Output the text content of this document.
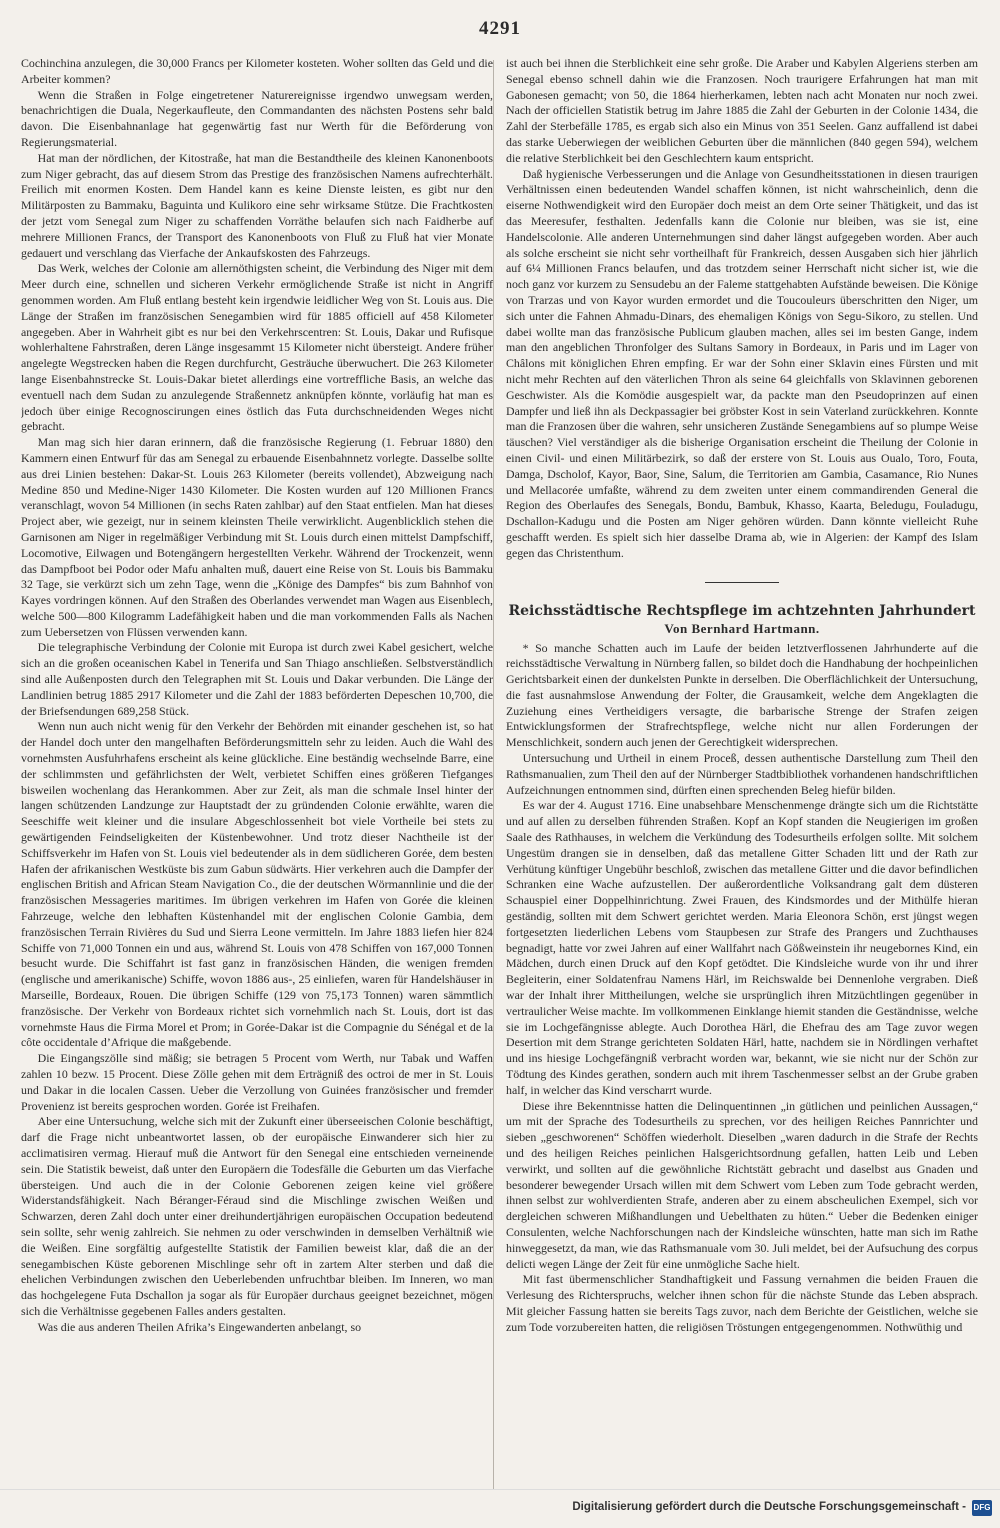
4291

Cochinchina anzulegen, die 30,000 Francs per Kilometer kosteten. Woher sollten das Geld und die Arbeiter kommen?

Wenn die Straßen in Folge eingetretener Naturereignisse irgendwo unwegsam werden, benachrichtigen die Duala, Negerkaufleute, den Commandanten des nächsten Postens sehr bald davon. Die Eisenbahnanlage hat gegenwärtig fast nur Werth für die Beförderung von Regierungsmaterial.

Hat man der nördlichen, der Kitostraße, hat man die Bestandtheile des kleinen Kanonenboots zum Niger gebracht, das auf diesem Strom das Prestige des französischen Namens aufrechterhält. Freilich mit enormen Kosten. Dem Handel kann es keine Dienste leisten, es gibt nur den Militärposten zu Bammaku, Baguinta und Kulikoro eine sehr wirksame Stütze. Die Frachtkosten der jetzt vom Senegal zum Niger zu schaffenden Vorräthe belaufen sich nach Faidherbe auf mehrere Millionen Francs, der Transport des Kanonenboots von Fluß zu Fluß hat vier Monate gedauert und verschlang das Vierfache der Ankaufskosten des Fahrzeugs.

Das Werk, welches der Colonie am allernöthigsten scheint, die Verbindung des Niger mit dem Meer durch eine, schnellen und sicheren Verkehr ermöglichende Straße ist nicht in Angriff genommen worden. Am Fluß entlang besteht kein irgendwie leidlicher Weg von St. Louis aus. Die Länge der Straßen im französischen Senegambien wird für 1885 officiell auf 458 Kilometer angegeben. Aber in Wahrheit gibt es nur bei den Verkehrscentren: St. Louis, Dakar und Rufisque wohlerhaltene Fahrstraßen, deren Länge insgesammt 15 Kilometer nicht übersteigt. Andere früher angelegte Wegstrecken haben die Regen durchfurcht, Gesträuche überwuchert. Die 263 Kilometer lange Eisenbahnstrecke St. Louis-Dakar bietet allerdings eine vortreffliche Basis, an welche das eventuell nach dem Sudan zu anzulegende Straßennetz anknüpfen könnte, vorläufig hat man es jedoch über einige Recognoscirungen eines östlich das Futa durchschneidenden Weges nicht gebracht.

Man mag sich hier daran erinnern, daß die französische Regierung (1. Februar 1880) den Kammern einen Entwurf für das am Senegal zu erbauende Eisenbahnnetz vorlegte. Dasselbe sollte aus drei Linien bestehen: Dakar-St. Louis 263 Kilometer (bereits vollendet), Abzweigung nach Medine 850 und Medine-Niger 1430 Kilometer. Die Kosten wurden auf 120 Millionen Francs veranschlagt, wovon 54 Millionen (in sechs Raten zahlbar) auf den Staat entfielen. Man hat dieses Project aber, wie gezeigt, nur in seinem kleinsten Theile verwirklicht. Augenblicklich stehen die Garnisonen am Niger in regelmäßiger Verbindung mit St. Louis durch einen mittelst Dampfschiff, Locomotive, Eilwagen und Botengängern hergestellten Verkehr. Während der Trockenzeit, wenn das Dampfboot bei Podor oder Mafu anhalten muß, dauert eine Reise von St. Louis bis Bammaku 32 Tage, sie verkürzt sich um zehn Tage, wenn die „Könige des Dampfes“ bis zum Bahnhof von Kayes vordringen können. Auf den Straßen des Oberlandes verwendet man Wagen aus Eisenblech, welche 500—800 Kilogramm Ladefähigkeit haben und die man vorkommenden Falls als Nachen zum Uebersetzen von Flüssen verwenden kann.

Die telegraphische Verbindung der Colonie mit Europa ist durch zwei Kabel gesichert, welche sich an die großen oceanischen Kabel in Tenerifa und San Thiago anschließen. Selbstverständlich sind alle Außenposten durch den Telegraphen mit St. Louis und Dakar verbunden. Die Länge der Landlinien betrug 1885 2917 Kilometer und die Zahl der 1883 beförderten Depeschen 10,700, die der Briefsendungen 689,258 Stück.

Wenn nun auch nicht wenig für den Verkehr der Behörden mit einander geschehen ist, so hat der Handel doch unter den mangelhaften Beförderungsmitteln sehr zu leiden. Auch die Wahl des vornehmsten Ausfuhrhafens erscheint als keine glückliche. Eine beständig wechselnde Barre, eine der schlimmsten und gefährlichsten der Welt, verbietet Schiffen eines größeren Tiefganges bisweilen wochenlang das Herankommen. Aber zur Zeit, als man die schmale Insel hinter der langen schützenden Landzunge zur Hauptstadt der zu gründenden Colonie erwählte, waren die Seeschiffe weit kleiner und die insulare Abgeschlossenheit bot viele Vortheile bei stets zu gewärtigenden Feindseligkeiten der Küstenbewohner. Und trotz dieser Nachtheile ist der Schiffsverkehr im Hafen von St. Louis viel bedeutender als in dem südlicheren Gorée, dem besten Hafen der afrikanischen Westküste bis zum Gabun südwärts. Hier verkehren auch die Dampfer der englischen British and African Steam Navigation Co., die der deutschen Wörmannlinie und die der französischen Messageries maritimes. Im übrigen verkehren im Hafen von Gorée die kleinen Fahrzeuge, welche den lebhaften Küstenhandel mit der englischen Colonie Gambia, dem französischen Terrain Rivières du Sud und Sierra Leone vermitteln. Im Jahre 1883 liefen hier 824 Schiffe von 71,000 Tonnen ein und aus, während St. Louis von 478 Schiffen von 167,000 Tonnen besucht wurde. Die Schiffahrt ist fast ganz in französischen Händen, die wenigen fremden (englische und amerikanische) Schiffe, wovon 1886 aus-, 25 einliefen, waren für Handelshäuser in Marseille, Bordeaux, Rouen. Die übrigen Schiffe (129 von 75,173 Tonnen) waren sämmtlich französische. Der Verkehr von Bordeaux richtet sich vornehmlich nach St. Louis, dort ist das vornehmste Haus die Firma Morel et Prom; in Gorée-Dakar ist die Compagnie du Sénégal et de la côte occidentale d’Afrique die maßgebende.

Die Eingangszölle sind mäßig; sie betragen 5 Procent vom Werth, nur Tabak und Waffen zahlen 10 bezw. 15 Procent. Diese Zölle gehen mit dem Erträgniß des octroi de mer in St. Louis und Dakar in die localen Cassen. Ueber die Verzollung von Guinées französischer und fremder Provenienz ist bereits gesprochen worden. Gorée ist Freihafen.

Aber eine Untersuchung, welche sich mit der Zukunft einer überseeischen Colonie beschäftigt, darf die Frage nicht unbeantwortet lassen, ob der europäische Einwanderer sich hier zu acclimatisiren vermag. Hierauf muß die Antwort für den Senegal eine entschieden verneinende sein. Die Statistik beweist, daß unter den Europäern die Todesfälle die Geburten um das Vierfache übersteigen. Und auch die in der Colonie Geborenen zeigen keine viel größere Widerstandsfähigkeit. Nach Béranger-Féraud sind die Mischlinge zwischen Weißen und Schwarzen, deren Zahl doch unter einer dreihundertjährigen europäischen Occupation bedeutend sein sollte, sehr wenig zahlreich. Sie nehmen zu oder verschwinden in demselben Verhältniß wie die Weißen. Eine sorgfältig aufgestellte Statistik der Familien beweist klar, daß die an der senegambischen Küste geborenen Mischlinge sehr oft in zartem Alter sterben und daß die ehelichen Verbindungen zwischen den Ueberlebenden unfruchtbar bleiben. Im Inneren, wo man das hochgelegene Futa Dschallon ja sogar als für Europäer durchaus geeignet bezeichnet, mögen sich die Verhältnisse gegebenen Falles anders gestalten.

Was die aus anderen Theilen Afrika’s Eingewanderten anbelangt, so

ist auch bei ihnen die Sterblichkeit eine sehr große. Die Araber und Kabylen Algeriens sterben am Senegal ebenso schnell dahin wie die Franzosen. Noch traurigere Erfahrungen hat man mit Gabonesen gemacht; von 50, die 1864 hierherkamen, lebten nach acht Monaten nur noch zwei. Nach der officiellen Statistik betrug im Jahre 1885 die Zahl der Geburten in der Colonie 1434, die Zahl der Sterbefälle 1785, es ergab sich also ein Minus von 351 Seelen. Ganz auffallend ist dabei das starke Ueberwiegen der weiblichen Geburten über die männlichen (840 gegen 594), welchem die relative Sterblichkeit bei den Geschlechtern kaum entspricht.

Daß hygienische Verbesserungen und die Anlage von Gesundheitsstationen in diesen traurigen Verhältnissen einen bedeutenden Wandel schaffen können, ist nicht wahrscheinlich, denn die eiserne Nothwendigkeit wird den Europäer doch meist an dem Orte seiner Thätigkeit, und das ist das Meeresufer, festhalten. Jedenfalls kann die Colonie nur bleiben, was sie ist, eine Handelscolonie. Alle anderen Unternehmungen sind daher längst aufgegeben worden. Aber auch als solche erscheint sie nicht sehr vortheilhaft für Frankreich, dessen Ausgaben sich hier jährlich auf 6¼ Millionen Francs belaufen, und das trotzdem seiner Herrschaft nicht sicher ist, wie die noch ganz vor kurzem zu Sensudebu an der Faleme stattgehabten Aufstände beweisen. Die Könige von Trarzas und von Kayor wurden ermordet und die Toucouleurs überschritten den Niger, um sich unter die Fahnen Ahmadu-Dinars, des ehemaligen Königs von Segu-Sikoro, zu stellen. Und dabei wollte man das französische Publicum glauben machen, alles sei im besten Gange, indem man den angeblichen Thronfolger des Sultans Samory in Bordeaux, in Paris und im Lager von Châlons mit königlichen Ehren empfing. Er war der Sohn einer Sklavin eines Fürsten und mit nicht mehr Rechten auf den väterlichen Thron als seine 64 gleichfalls von Sklavinnen geborenen Geschwister. Als die Komödie ausgespielt war, da packte man den Pseudoprinzen auf einen Dampfer und ließ ihn als Deckpassagier bei gröbster Kost in sein Vaterland zurückkehren. Konnte man die Franzosen über die wahren, sehr unsicheren Zustände Senegambiens auf so plumpe Weise täuschen? Viel verständiger als die bisherige Organisation erscheint die Theilung der Colonie in einen Civil- und einen Militärbezirk, so daß der erstere von St. Louis aus Oualo, Toro, Fouta, Damga, Dscholof, Kayor, Baor, Sine, Salum, die Territorien am Gambia, Casamance, Rio Nunes und Mellacorée umfaßte, während zu dem zweiten unter einem commandirenden General die Region des Oberlaufes des Senegals, Bondu, Bambuk, Khasso, Kaarta, Beledugu, Fouladugu, Dschallon-Kadugu und die Posten am Niger gehören würden. Dann könnte vielleicht Ruhe geschafft werden. Es spielt sich hier dasselbe Drama ab, wie in Algerien: der Kampf des Islam gegen das Christenthum.

Reichsstädtische Rechtspflege im achtzehnten Jahrhundert
Von Bernhard Hartmann.

* So manche Schatten auch im Laufe der beiden letztverflossenen Jahrhunderte auf die reichsstädtische Verwaltung in Nürnberg fallen, so bildet doch die Handhabung der hochpeinlichen Gerichtsbarkeit einen der dunkelsten Punkte in derselben. Die Oberflächlichkeit der Untersuchung, die fast ausnahmslose Anwendung der Folter, die Grausamkeit, welche dem Angeklagten die Zuziehung eines Vertheidigers versagte, die barbarische Strenge der Strafen zeigen Entwicklungsformen der Strafrechtspflege, welche nicht nur allen Forderungen der Menschlichkeit, sondern auch jenen der Gerechtigkeit widersprechen.

Untersuchung und Urtheil in einem Proceß, dessen authentische Darstellung zum Theil den Rathsmanualien, zum Theil den auf der Nürnberger Stadtbibliothek vorhandenen handschriftlichen Aufzeichnungen entnommen sind, dürften einen sprechenden Beleg hiefür bilden.

Es war der 4. August 1716. Eine unabsehbare Menschenmenge drängte sich um die Richtstätte und auf allen zu derselben führenden Straßen. Kopf an Kopf standen die Neugierigen im großen Saale des Rathhauses, in welchem die Verkündung des Todesurtheils erfolgen sollte. Mit solchem Ungestüm drangen sie in denselben, daß das metallene Gitter Schaden litt und der Rath zur Verhütung künftiger Ungebühr beschloß, zwischen das metallene Gitter und die davor befindlichen Schranken eine Wache aufzustellen. Der außerordentliche Volksandrang galt dem düsteren Schauspiel einer Doppelhinrichtung. Zwei Frauen, des Kindsmordes und der Mithülfe hieran geständig, sollten mit dem Schwert gerichtet werden. Maria Eleonora Schön, erst jüngst wegen fortgesetzten liederlichen Lebens vom Staupbesen zur Strafe des Prangers und Zuchthauses begnadigt, hatte vor zwei Jahren auf einer Wallfahrt nach Gößweinstein ihr neugebornes Kind, ein Mädchen, durch einen Druck auf den Kopf getödtet. Die Kindsleiche wurde von ihr und ihrer Begleiterin, einer Soldatenfrau Namens Härl, im Reichswalde bei Dennenlohe vergraben. Dieß war der Inhalt ihrer Mittheilungen, welche sie ursprünglich ihren Mitzüchtlingen gegenüber in vertraulicher Weise machte. Im vollkommenen Einklange hiemit standen die Geständnisse, welche sie im Lochgefängnisse ablegte. Auch Dorothea Härl, die Ehefrau des am Tage zuvor wegen Desertion mit dem Strange gerichteten Soldaten Härl, hatte, nachdem sie in Nördlingen verhaftet und ins hiesige Lochgefängniß verbracht worden war, bekannt, wie sie nicht nur der Schön zur Tödtung des Kindes gerathen, sondern auch mit ihrem Taschenmesser selbst an der Grube graben half, in welcher das Kind verscharrt wurde.

Diese ihre Bekenntnisse hatten die Delinquentinnen „in gütlichen und peinlichen Aussagen,“ um mit der Sprache des Todesurtheils zu sprechen, vor des heiligen Reiches Pannrichter und sieben „geschworenen“ Schöffen wiederholt. Dieselben „waren dadurch in die Strafe der Rechts und des heiligen Reiches peinlichen Halsgerichtsordnung gefallen, hatten Leib und Leben verwirkt, und sollten auf die gewöhnliche Richtstätt gebracht und daselbst aus Gnaden und besonderer bewegender Ursach willen mit dem Schwert vom Leben zum Tode gebracht werden, ihnen selbst zur wohlverdienten Strafe, anderen aber zu einem abscheulichen Exempel, sich vor dergleichen schweren Mißhandlungen und Uebelthaten zu hüten.“ Ueber die Bedenken einiger Consulenten, welche Nachforschungen nach der Kindsleiche wünschten, hatte man sich im Rathe hinweggesetzt, da man, wie das Rathsmanuale vom 30. Juli meldet, bei der Aufsuchung des corpus delicti wegen Länge der Zeit für eine unmögliche Sache hielt.

Mit fast übermenschlicher Standhaftigkeit und Fassung vernahmen die beiden Frauen die Verlesung des Richterspruchs, welcher ihnen schon für die nächste Stunde das Leben absprach. Mit gleicher Fassung hatten sie bereits Tags zuvor, nach dem Berichte der Geistlichen, welche sie zum Tode vorzubereiten hatten, die religiösen Tröstungen entgegengenommen. Nothwüthig und

Digitalisierung gefördert durch die Deutsche Forschungsgemeinschaft - DFG
